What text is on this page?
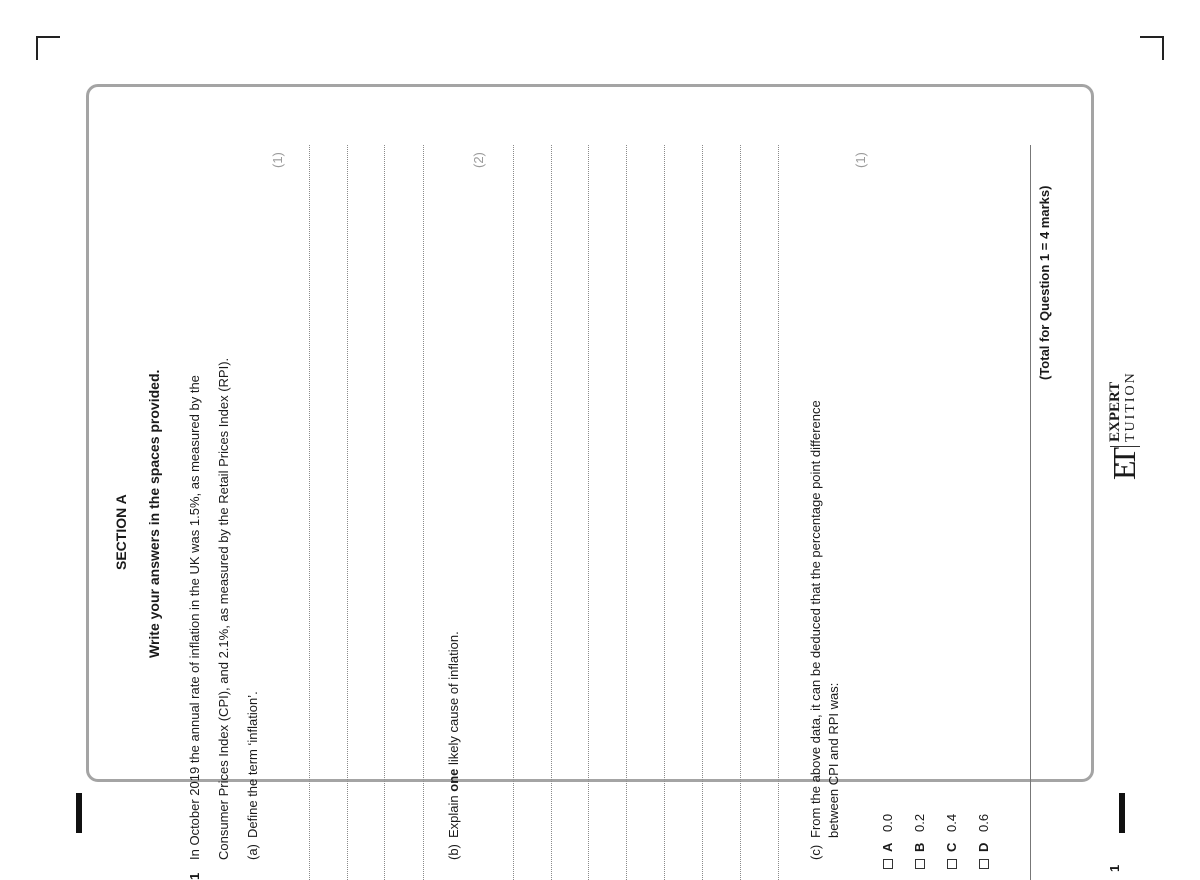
SECTION A Write your answers in the spaces provided.
1
In October 2019 the annual rate of inflation in the UK was 1.5%, as measured by the Consumer Prices Index (CPI), and 2.1%, as measured by the Retail Prices Index (RPI). (a)
Define the term ‘inflation’.
(1)
(b)
Explain one likely cause of inflation.
(2)
(c)
From the above data, it can be deduced that the percentage point difference between CPI and RPI was:
(1)
A
0.0
B
0.2
C
0.4
D
0.6
(Total for Question 1 = 4 marks)
1
ET
EXPERT TUITION
